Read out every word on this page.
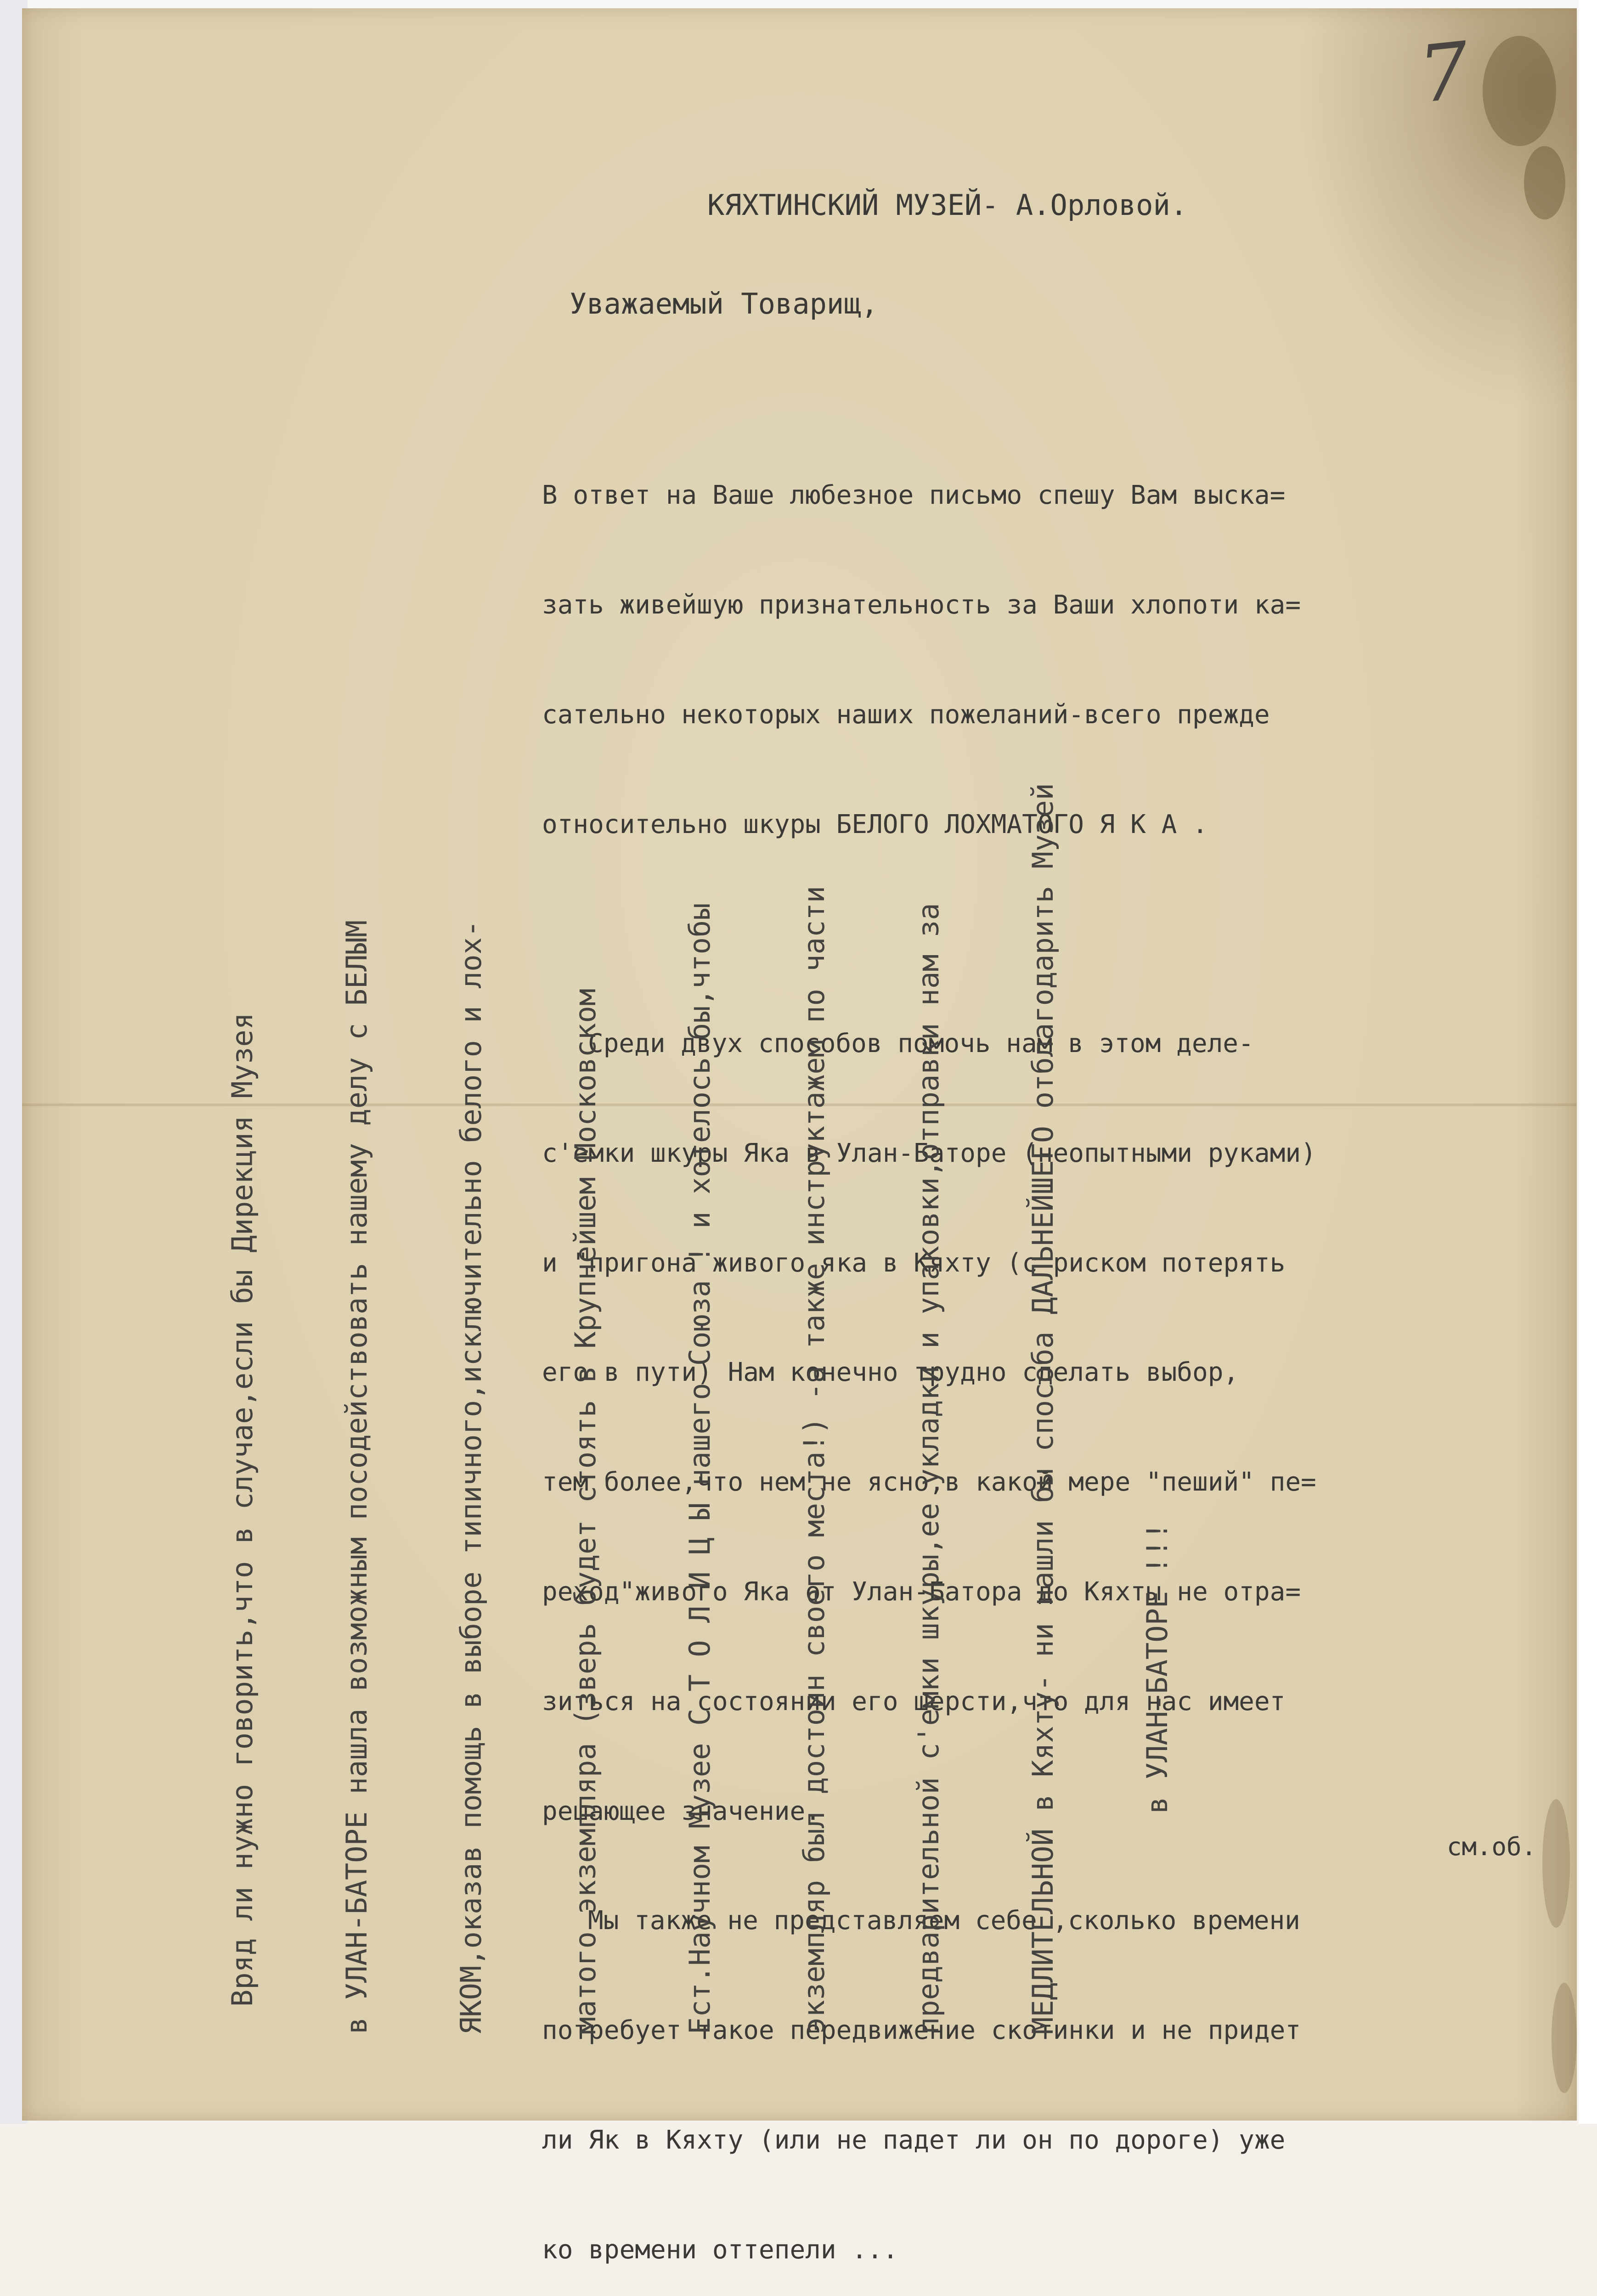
7
КЯХТИНСКИЙ МУЗЕЙ- А.Орловой.
Уважаемый Товарищ,

В ответ на Ваше любезное письмо спешу Вам выска=

зать живейшую признательность за Ваши хлопоти ка=

сательно некоторых наших пожеланий-всего прежде

относительно шкуры БЕЛОГО ЛОХМАТОГО Я К А .

Среди двух способов помочь нам в этом деле-

с'емки шкуры Яка в Улан-Баторе (неопытными руками)

и "пригона живого яка в Кяхту (с риском потерять

его в пути) Нам конечно трудно сделать выбор,

тем более,что нем не ясно,в какой мере "пеший" пе=

реход"живого Яка от Улан-Батора до Кяхты не отра=

зиться на состоянии его шерсти,что для нас имеет

решающее значение.

Мы также не представляем себе ,сколько времени

потребует такое передвижение скотинки и не придет

ли Як в Кяхту (или не падет ли он по дороге) уже

ко времени оттепели ...

см.об.

Вряд ли нужно говорить,что в случае,если бы Дирекция Музея

	в УЛАН-БАТОРЕ нашла возможным посодействовать нашему делу с БЕЛЫМ

	ЯКОМ,оказав помощь в выборе типичного,исключительно белого и лох-

	матого экземпляра (зверь будет стоять в Крупнейшем Московском

	Ест.Научном Музее С Т О Л И Ц Ы нашего Союза ! и хотелось бы,чтобы

	экземпляр был достоин своего места!) -а также инструктажем по части

	предварительной с'емки шкуры,ее укладки и упаковки,отправки нам за

	МЕДЛИТЕЛЬНОЙ в Кяхту- ни нашли бы способа ДАЛЬНЕЙШЕГО отблагодарить Музей

	в УЛАН-БАТОРЕ !!!
